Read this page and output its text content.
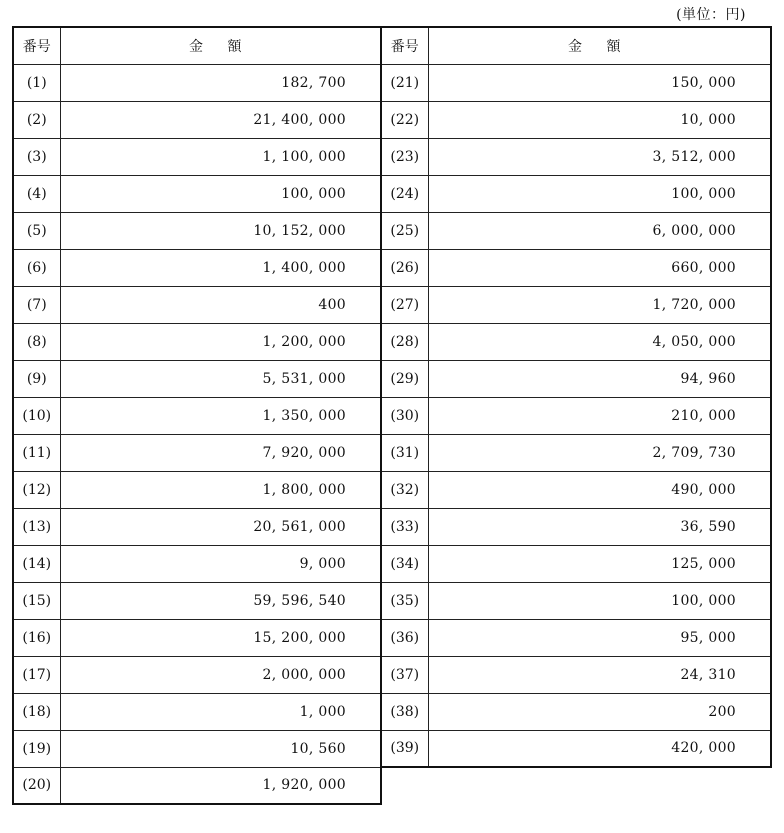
(単位：円)
番号	金 額	番号	金 額
(1)	182, 700	(21)	150, 000
(2)	21, 400, 000	(22)	10, 000
(3)	1, 100, 000	(23)	3, 512, 000
(4)	100, 000	(24)	100, 000
(5)	10, 152, 000	(25)	6, 000, 000
(6)	1, 400, 000	(26)	660, 000
(7)	400	(27)	1, 720, 000
(8)	1, 200, 000	(28)	4, 050, 000
(9)	5, 531, 000	(29)	94, 960
(10)	1, 350, 000	(30)	210, 000
(11)	7, 920, 000	(31)	2, 709, 730
(12)	1, 800, 000	(32)	490, 000
(13)	20, 561, 000	(33)	36, 590
(14)	9, 000	(34)	125, 000
(15)	59, 596, 540	(35)	100, 000
(16)	15, 200, 000	(36)	95, 000
(17)	2, 000, 000	(37)	24, 310
(18)	1, 000	(38)	200
(19)	10, 560	(39)	420, 000
(20)	1, 920, 000		
